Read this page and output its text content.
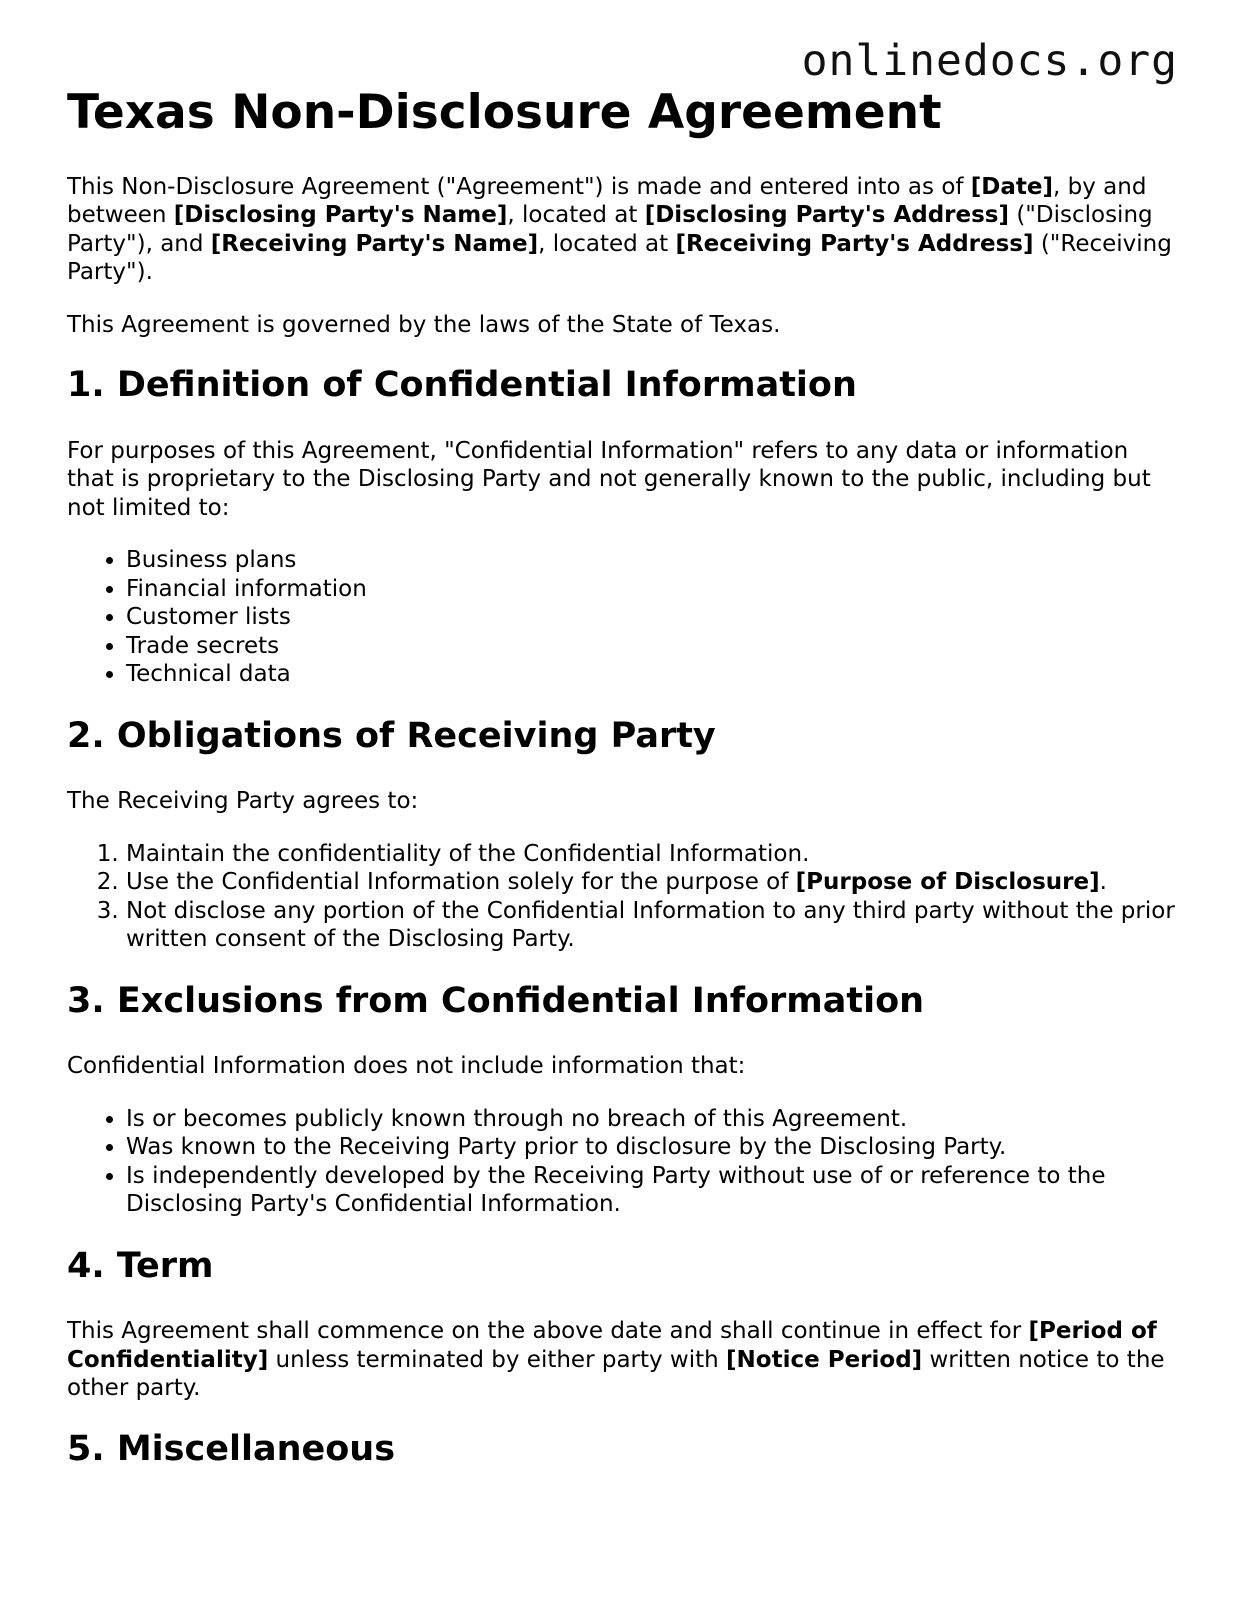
onlinedocs.org
Texas Non-Disclosure Agreement

This Non-Disclosure Agreement ("Agreement") is made and entered into as of [Date], by and between [Disclosing Party's Name], located at [Disclosing Party's Address] ("Disclosing Party"), and [Receiving Party's Name], located at [Receiving Party's Address] ("Receiving Party").

This Agreement is governed by the laws of the State of Texas.

1. Definition of Confidential Information

For purposes of this Agreement, "Confidential Information" refers to any data or information that is proprietary to the Disclosing Party and not generally known to the public, including but not limited to:

• Business plans
• Financial information
• Customer lists
• Trade secrets
• Technical data
2. Obligations of Receiving Party

The Receiving Party agrees to:

1. Maintain the confidentiality of the Confidential Information.
2. Use the Confidential Information solely for the purpose of [Purpose of Disclosure].
3. Not disclose any portion of the Confidential Information to any third party without the prior written consent of the Disclosing Party.
3. Exclusions from Confidential Information

Confidential Information does not include information that:

• Is or becomes publicly known through no breach of this Agreement.
• Was known to the Receiving Party prior to disclosure by the Disclosing Party.
• Is independently developed by the Receiving Party without use of or reference to the Disclosing Party's Confidential Information.
4. Term

This Agreement shall commence on the above date and shall continue in effect for [Period of Confidentiality] unless terminated by either party with [Notice Period] written notice to the other party.

5. Miscellaneous
